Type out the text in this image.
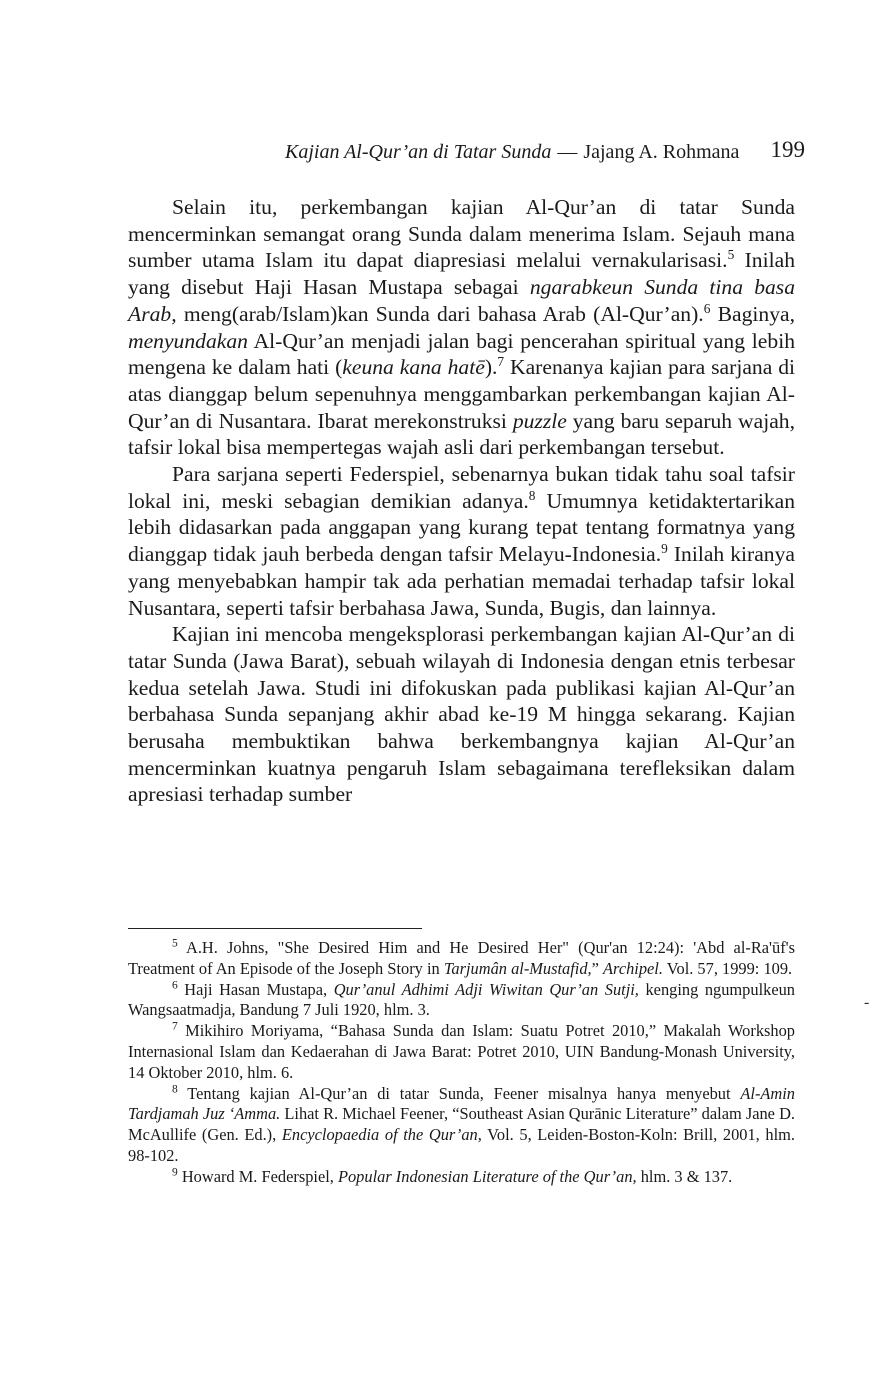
Kajian Al-Qur’an di Tatar Sunda — Jajang A. Rohmana 199

Selain itu, perkembangan kajian Al-Qur’an di tatar Sunda mencerminkan semangat orang Sunda dalam menerima Islam. Sejauh mana sumber utama Islam itu dapat diapresiasi melalui vernakularisasi.$^5$ Inilah yang disebut Haji Hasan Mustapa sebagai ngarabkeun Sunda tina basa Arab, meng(arab/Islam)kan Sunda dari bahasa Arab (Al-Qur’an).$^6$ Baginya, menyundakan Al-Qur’an menjadi jalan bagi pencerahan spiritual yang lebih mengena ke dalam hati (keuna kana hatē).$^7$ Karenanya kajian para sarjana di atas dianggap belum sepenuhnya menggambarkan perkembangan kajian Al-Qur’an di Nusantara. Ibarat merekonstruksi puzzle yang baru separuh wajah, tafsir lokal bisa mempertegas wajah asli dari perkembangan tersebut.

Para sarjana seperti Federspiel, sebenarnya bukan tidak tahu soal tafsir lokal ini, meski sebagian demikian adanya.$^8$ Umumnya ketidaktertarikan lebih didasarkan pada anggapan yang kurang tepat tentang formatnya yang dianggap tidak jauh berbeda dengan tafsir Melayu-Indonesia.$^9$ Inilah kiranya yang menyebabkan hampir tak ada perhatian memadai terhadap tafsir lokal Nusantara, seperti tafsir berbahasa Jawa, Sunda, Bugis, dan lainnya.

Kajian ini mencoba mengeksplorasi perkembangan kajian Al-Qur’an di tatar Sunda (Jawa Barat), sebuah wilayah di Indonesia dengan etnis terbesar kedua setelah Jawa. Studi ini difokuskan pada publikasi kajian Al-Qur’an berbahasa Sunda sepanjang akhir abad ke-19 M hingga sekarang. Kajian berusaha membuktikan bahwa berkembangnya kajian Al-Qur’an mencerminkan kuatnya pengaruh Islam sebagaimana terefleksikan dalam apresiasi terhadap sumber

$^5$ A.H. Johns, "She Desired Him and He Desired Her" (Qur'an 12:24): 'Abd al-Ra'ūf's Treatment of An Episode of the Joseph Story in Tarjumân al-Mustafid,” Archipel. Vol. 57, 1999: 109.

$^6$ Haji Hasan Mustapa, Qur’anul Adhimi Adji Wiwitan Qur’an Sutji, kenging ngumpulkeun Wangsaatmadja, Bandung 7 Juli 1920, hlm. 3.

$^7$ Mikihiro Moriyama, “Bahasa Sunda dan Islam: Suatu Potret 2010,” Makalah Workshop Internasional Islam dan Kedaerahan di Jawa Barat: Potret 2010, UIN Bandung-Monash University, 14 Oktober 2010, hlm. 6.

$^8$ Tentang kajian Al-Qur’an di tatar Sunda, Feener misalnya hanya menyebut Al-Amin Tardjamah Juz ‘Amma. Lihat R. Michael Feener, “Southeast Asian Qurānic Literature” dalam Jane D. McAullife (Gen. Ed.), Encyclopaedia of the Qur’an, Vol. 5, Leiden-Boston-Koln: Brill, 2001, hlm. 98-102.

$^9$ Howard M. Federspiel, Popular Indonesian Literature of the Qur’an, hlm. 3 & 137.

-
